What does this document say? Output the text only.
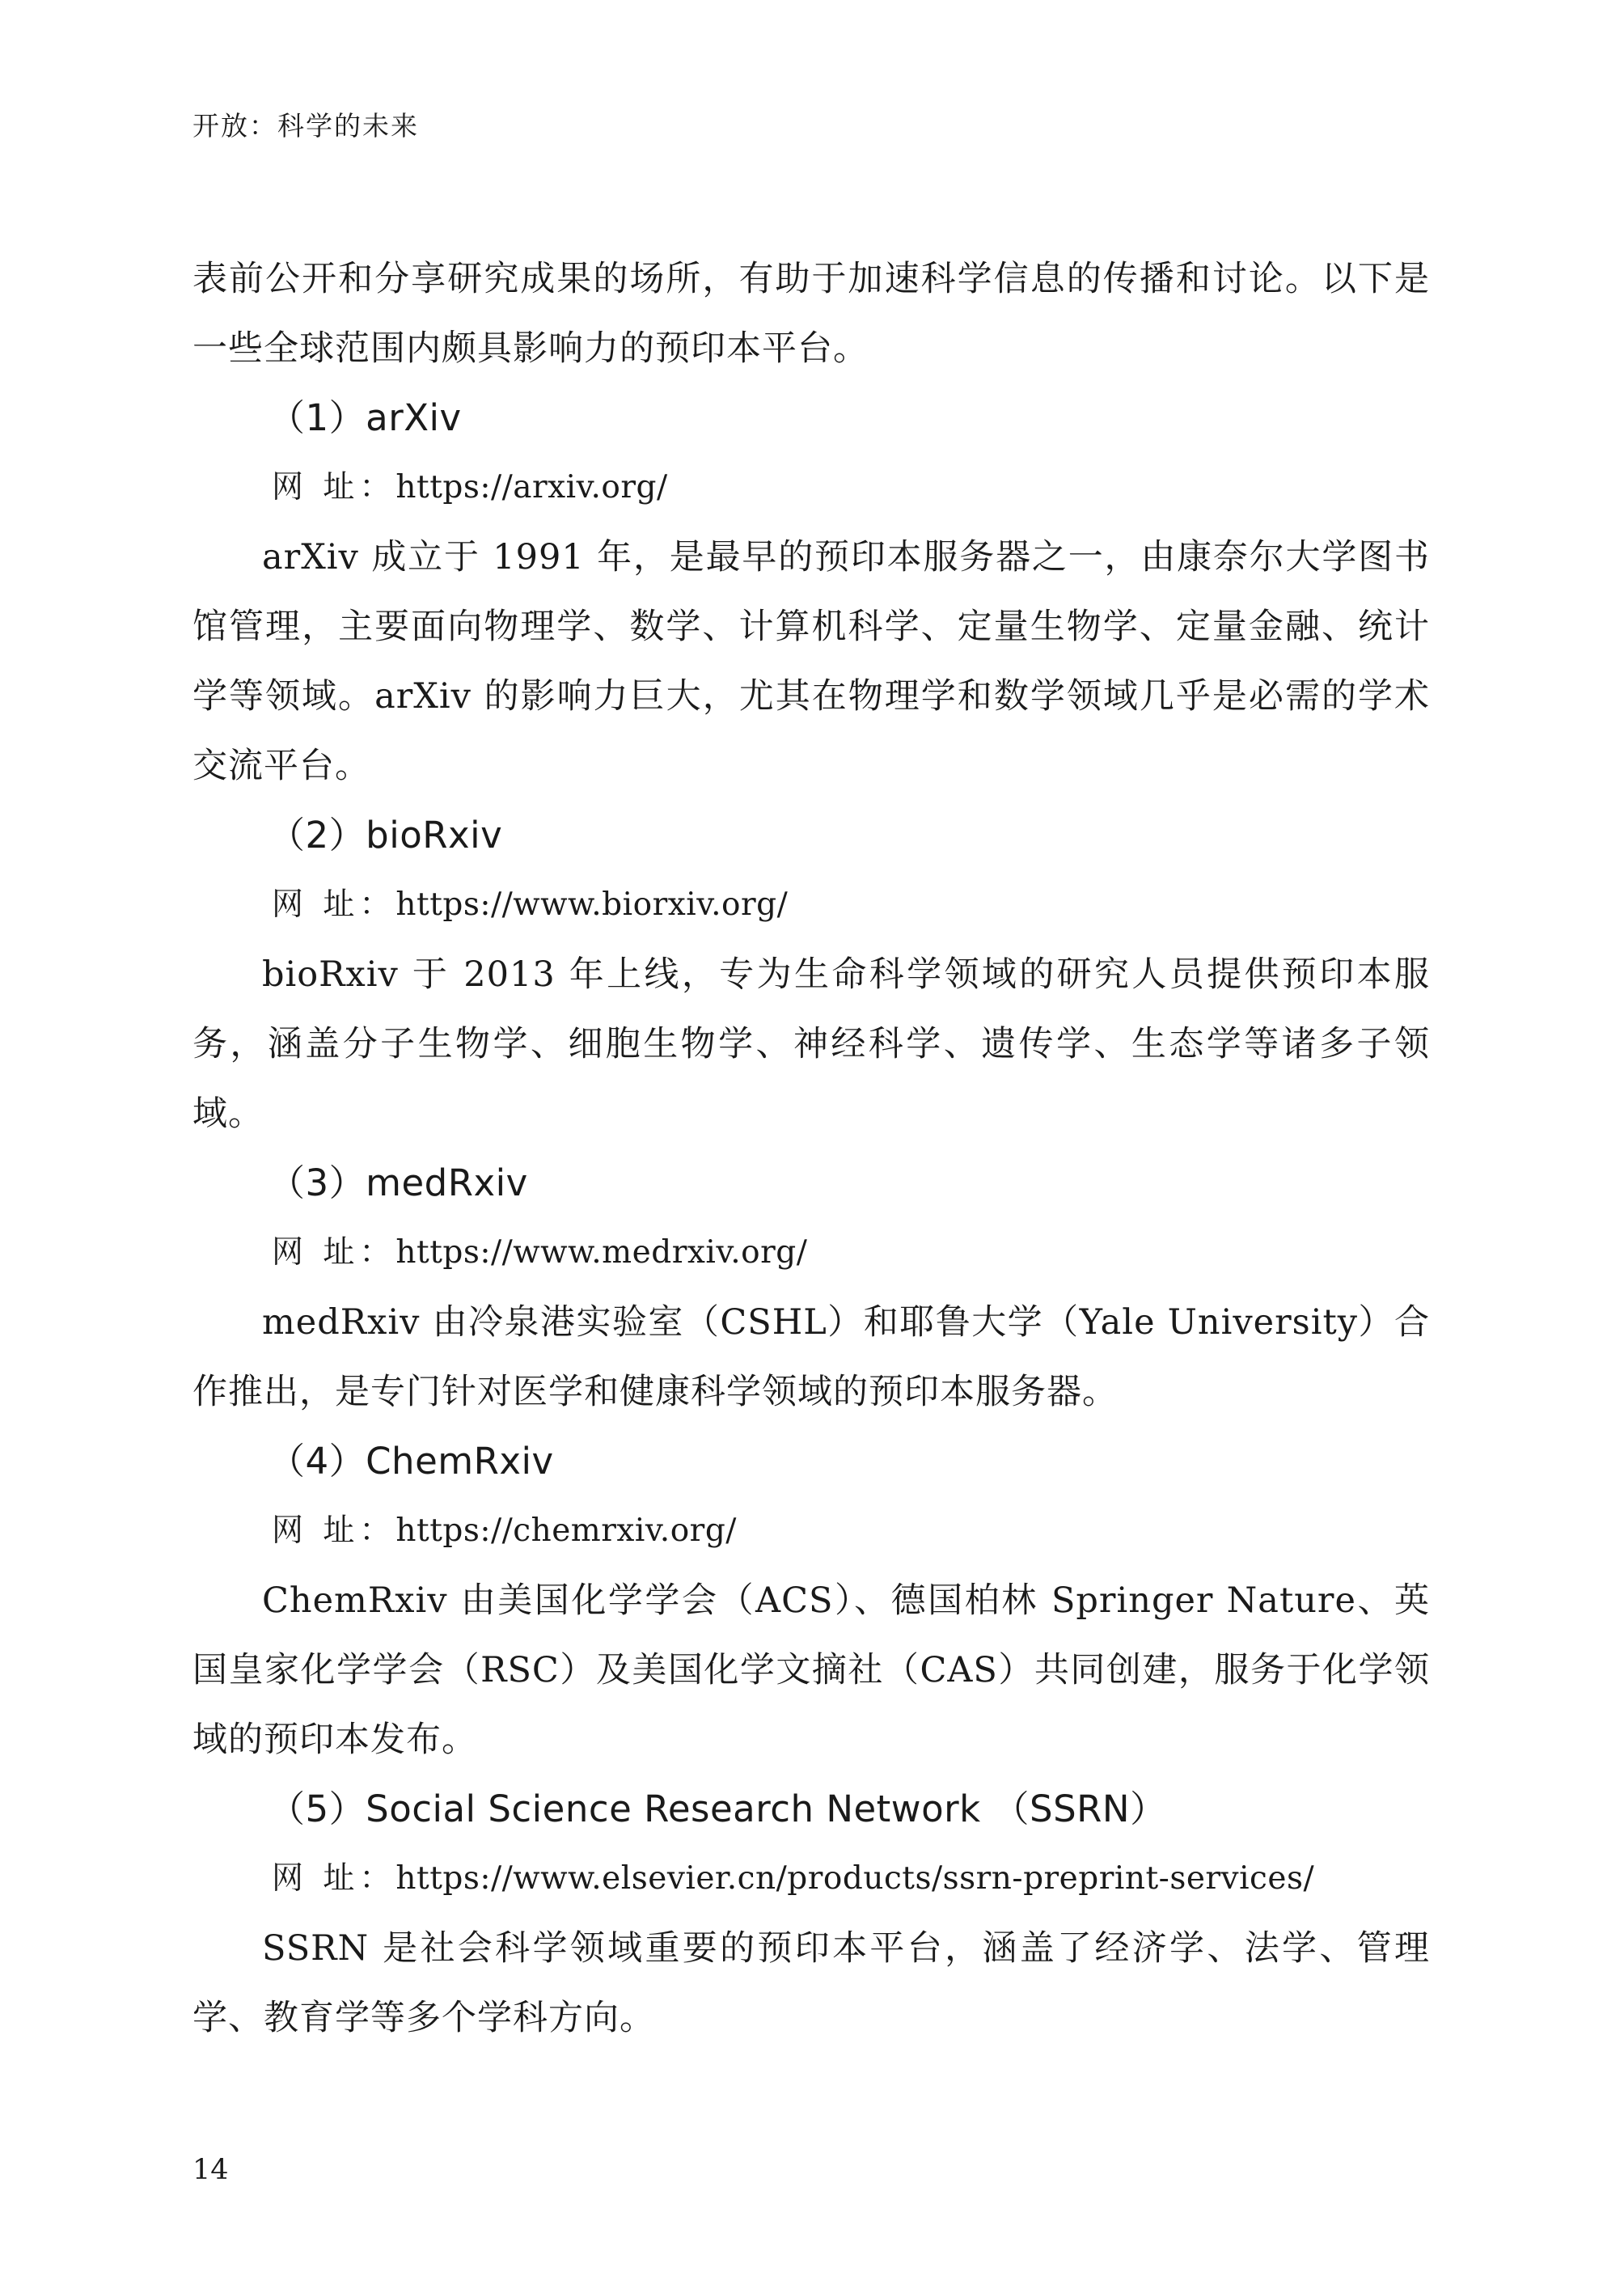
开放：科学的未来

表前公开和分享研究成果的场所，有助于加速科学信息的传播和讨论。以下是一些全球范围内颇具影响力的预印本平台。

（1）arXiv

网 址：https://arxiv.org/

arXiv 成立于 1991 年，是最早的预印本服务器之一，由康奈尔大学图书馆管理，主要面向物理学、数学、计算机科学、定量生物学、定量金融、统计学等领域。arXiv 的影响力巨大，尤其在物理学和数学领域几乎是必需的学术交流平台。

（2）bioRxiv

网 址：https://www.biorxiv.org/

bioRxiv 于 2013 年上线，专为生命科学领域的研究人员提供预印本服务，涵盖分子生物学、细胞生物学、神经科学、遗传学、生态学等诸多子领域。

（3）medRxiv

网 址：https://www.medrxiv.org/

medRxiv 由冷泉港实验室（CSHL）和耶鲁大学（Yale University）合作推出，是专门针对医学和健康科学领域的预印本服务器。

（4）ChemRxiv

网 址：https://chemrxiv.org/

ChemRxiv 由美国化学学会（ACS）、德国柏林 Springer Nature、英国皇家化学学会（RSC）及美国化学文摘社（CAS）共同创建，服务于化学领域的预印本发布。

（5）Social Science Research Network （SSRN）

网 址：https://www.elsevier.cn/products/ssrn-preprint-services/

SSRN 是社会科学领域重要的预印本平台，涵盖了经济学、法学、管理学、教育学等多个学科方向。

14
